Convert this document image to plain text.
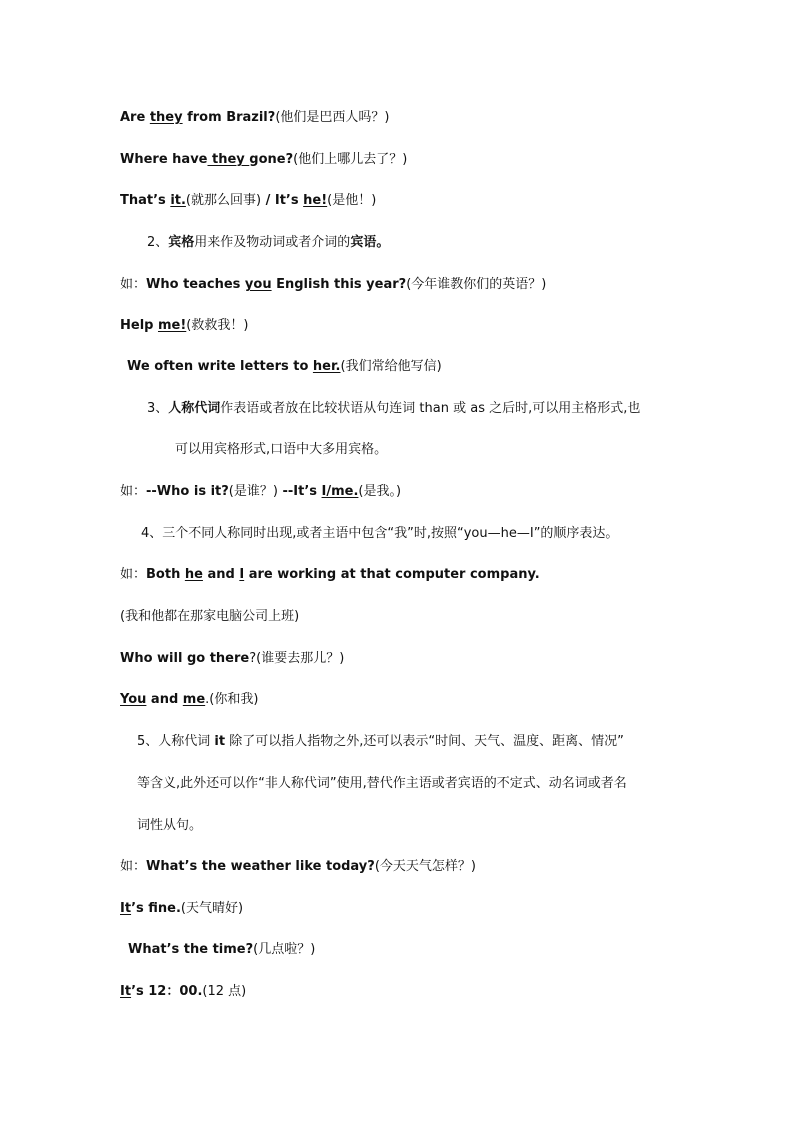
Are they from Brazil?(他们是巴西人吗？)
Where have they gone?(他们上哪儿去了？)
That’s it.(就那么回事) / It’s he!(是他！)
2、宾格用来作及物动词或者介词的宾语。
如：Who teaches you English this year?(今年谁教你们的英语？)
Help me!(救救我！)
We often write letters to her.(我们常给他写信)
3、人称代词作表语或者放在比较状语从句连词 than 或 as 之后时,可以用主格形式,也
可以用宾格形式,口语中大多用宾格。
如：--Who is it?(是谁？) --It’s I/me.(是我。)
4、三个不同人称同时出现,或者主语中包含“我”时,按照“you—he—I”的顺序表达。
如：Both he and I are working at that computer company.
(我和他都在那家电脑公司上班)
Who will go there?(谁要去那儿？)
You and me.(你和我)
5、人称代词 it 除了可以指人指物之外,还可以表示“时间、天气、温度、距离、情况”
等含义,此外还可以作“非人称代词”使用,替代作主语或者宾语的不定式、动名词或者名
词性从句。
如：What’s the weather like today?(今天天气怎样？)
It’s fine.(天气晴好)
What’s the time?(几点啦？)
It’s 12：00.(12 点)
